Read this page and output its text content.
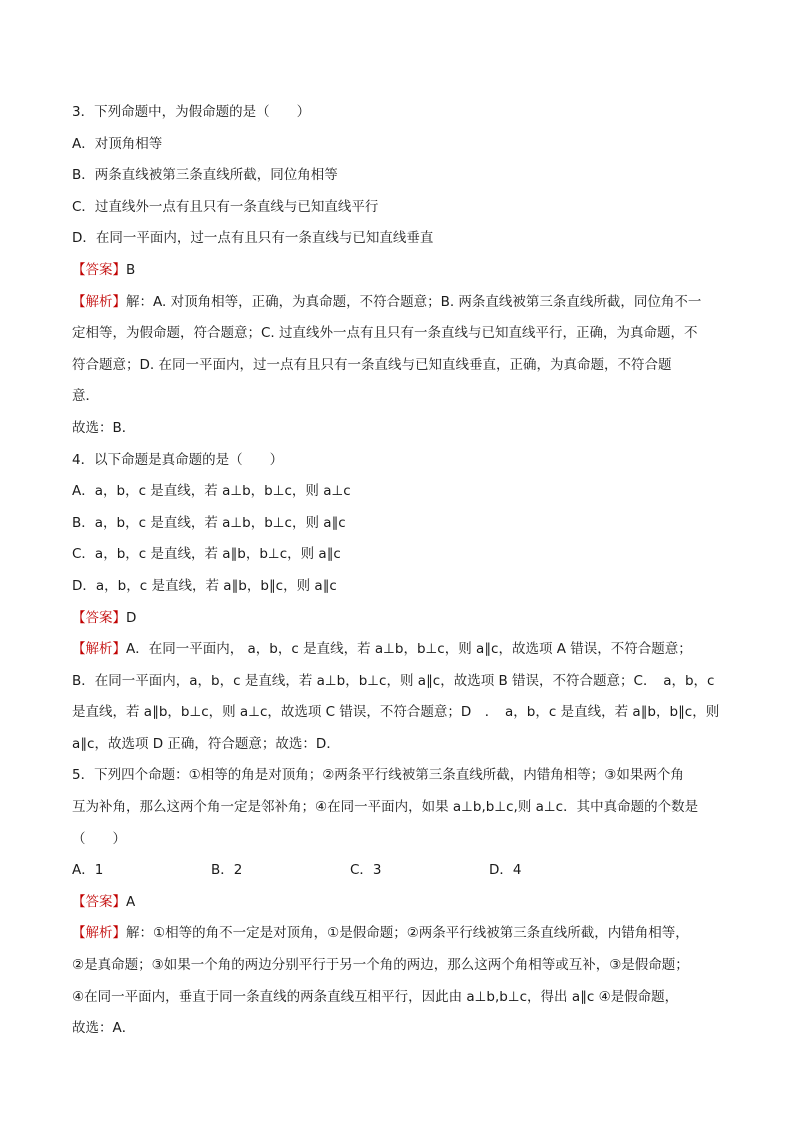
3．下列命题中，为假命题的是（　　）
A．对顶角相等
B．两条直线被第三条直线所截，同位角相等
C．过直线外一点有且只有一条直线与已知直线平行
D．在同一平面内，过一点有且只有一条直线与已知直线垂直
【答案】B
【解析】解：A. 对顶角相等，正确，为真命题，不符合题意；B. 两条直线被第三条直线所截，同位角不一
定相等，为假命题，符合题意；C. 过直线外一点有且只有一条直线与已知直线平行，正确，为真命题，不
符合题意；D. 在同一平面内，过一点有且只有一条直线与已知直线垂直，正确，为真命题，不符合题
意．
故选：B．
4．以下命题是真命题的是（　　）
A．a，b，c 是直线，若 a⊥b，b⊥c，则 a⊥c
B．a，b，c 是直线，若 a⊥b，b⊥c，则 a∥c
C．a，b，c 是直线，若 a∥b，b⊥c，则 a∥c
D．a，b，c 是直线，若 a∥b，b∥c，则 a∥c
【答案】D
【解析】A．在同一平面内， a，b，c 是直线，若 a⊥b，b⊥c，则 a∥c，故选项 A 错误，不符合题意；
B．在同一平面内，a，b，c 是直线，若 a⊥b，b⊥c，则 a∥c，故选项 B 错误，不符合题意；C．　a，b，c
是直线，若 a∥b，b⊥c，则 a⊥c，故选项 C 错误，不符合题意；D　．　a，b，c 是直线，若 a∥b，b∥c，则
a∥c，故选项 D 正确，符合题意；故选：D．
5．下列四个命题：①相等的角是对顶角；②两条平行线被第三条直线所截，内错角相等；③如果两个角
互为补角，那么这两个角一定是邻补角；④在同一平面内，如果 a⊥b,b⊥c,则 a⊥c．其中真命题的个数是
（　　）
A．1	B．2	C．3	D．4
【答案】A
【解析】解：①相等的角不一定是对顶角，①是假命题；②两条平行线被第三条直线所截，内错角相等，
②是真命题；③如果一个角的两边分别平行于另一个角的两边，那么这两个角相等或互补，③是假命题；
④在同一平面内，垂直于同一条直线的两条直线互相平行，因此由 a⊥b,b⊥c，得出 a∥c ④是假命题，
故选：A．
